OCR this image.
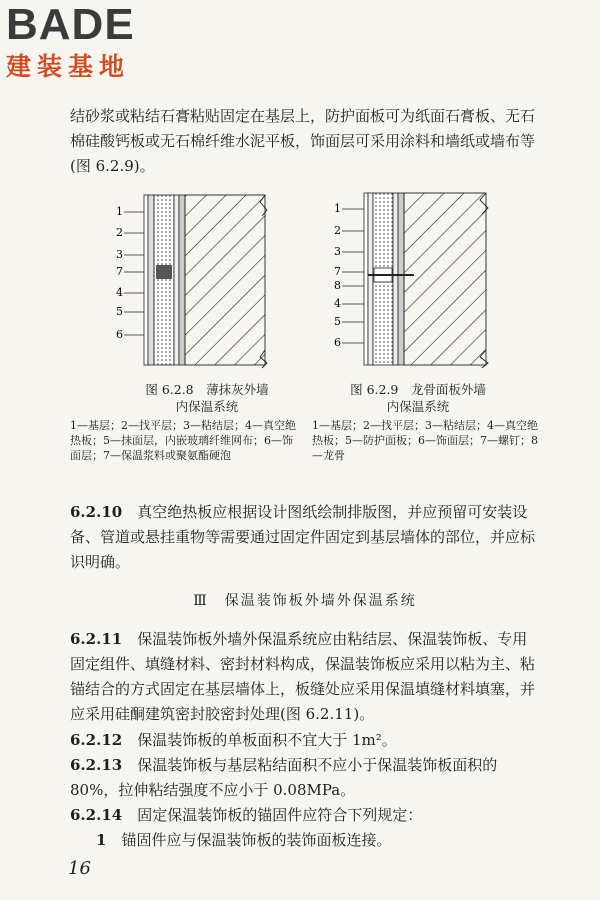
BADE
建装基地
结砂浆或粘结石膏粘贴固定在基层上，防护面板可为纸面石膏板、无石棉硅酸钙板或无石棉纤维水泥平板，饰面层可采用涂料和墙纸或墙布等(图 6.2.9)。
1
2
3
7
4
5
6
图 6.2.8　薄抹灰外墙
内保温系统
1—基层；2—找平层；3—粘结层；4—真空绝热板；5—抹面层，内嵌玻璃纤维网布；6—饰面层；7—保温浆料或聚氨酯硬泡
1
2
3
7
8
4
5
6
图 6.2.9　龙骨面板外墙
内保温系统
1—基层；2—找平层；3—粘结层；4—真空绝热板；5—防护面板；6—饰面层；7—螺钉；8—龙骨
6.2.10　 真空绝热板应根据设计图纸绘制排版图，并应预留可安装设备、管道或悬挂重物等需要通过固定件固定到基层墙体的部位，并应标识明确。
Ⅲ　保温装饰板外墙外保温系统
6.2.11　 保温装饰板外墙外保温系统应由粘结层、保温装饰板、专用固定组件、填缝材料、密封材料构成，保温装饰板应采用以粘为主、粘锚结合的方式固定在基层墙体上，板缝处应采用保温填缝材料填塞，并应采用硅酮建筑密封胶密封处理(图 6.2.11)。
6.2.12　 保温装饰板的单板面积不宜大于 1m²。
6.2.13　 保温装饰板与基层粘结面积不应小于保温装饰板面积的 80%，拉伸粘结强度不应小于 0.08MPa。
6.2.14　 固定保温装饰板的锚固件应符合下列规定：
1　 锚固件应与保温装饰板的装饰面板连接。
16
